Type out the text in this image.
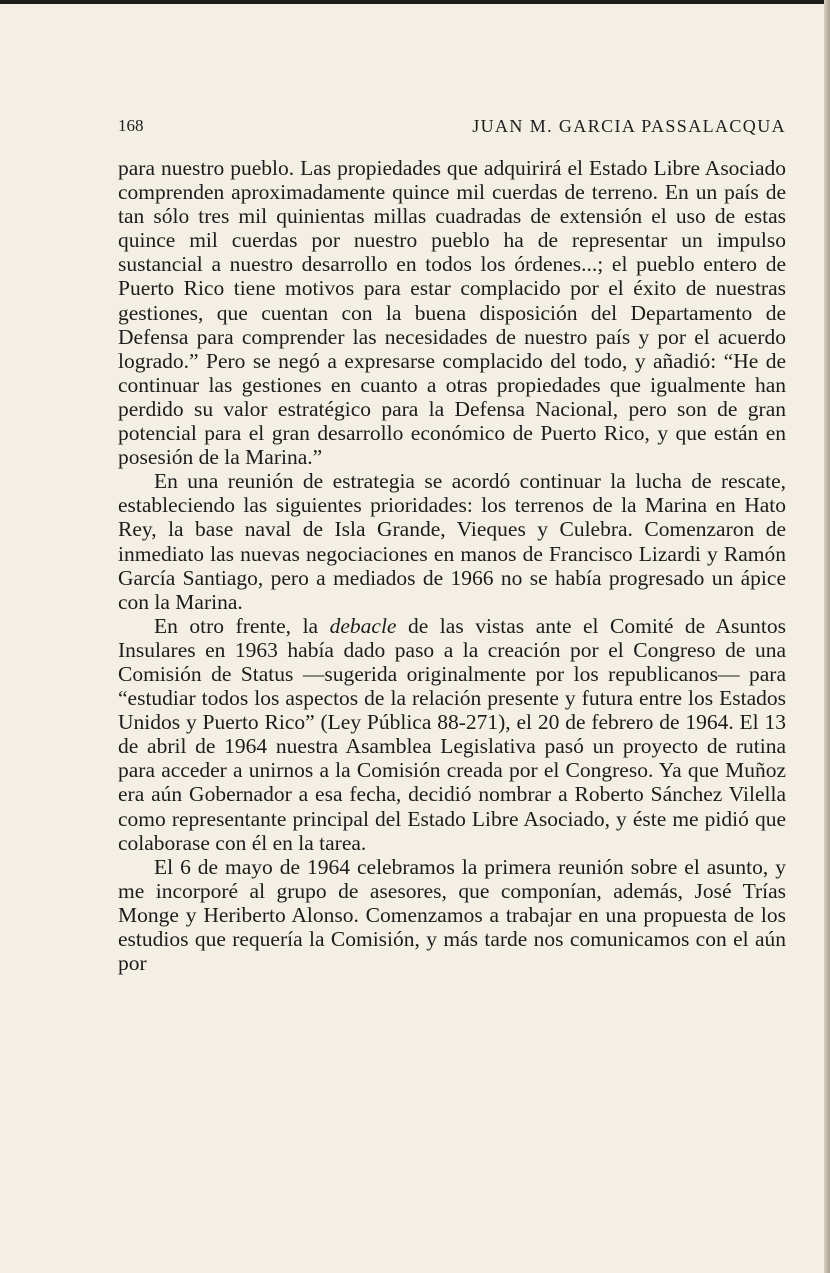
168	JUAN M. GARCIA PASSALACQUA

para nuestro pueblo. Las propiedades que adquirirá el Estado Libre Asociado comprenden aproximadamente quince mil cuerdas de terreno. En un país de tan sólo tres mil quinientas millas cuadradas de extensión el uso de estas quince mil cuerdas por nuestro pueblo ha de representar un impulso sustancial a nuestro desarrollo en todos los órdenes...; el pueblo entero de Puerto Rico tiene motivos para estar complacido por el éxito de nuestras gestiones, que cuentan con la buena disposición del Departamento de Defensa para comprender las necesidades de nuestro país y por el acuerdo logrado.” Pero se negó a expresarse complacido del todo, y añadió: “He de continuar las gestiones en cuanto a otras propiedades que igualmente han perdido su valor estratégico para la Defensa Nacional, pero son de gran potencial para el gran desarrollo económico de Puerto Rico, y que están en posesión de la Marina.”

En una reunión de estrategia se acordó continuar la lucha de rescate, estableciendo las siguientes prioridades: los terrenos de la Marina en Hato Rey, la base naval de Isla Grande, Vieques y Culebra. Comenzaron de inmediato las nuevas negociaciones en manos de Francisco Lizardi y Ramón García Santiago, pero a mediados de 1966 no se había progresado un ápice con la Marina.

En otro frente, la debacle de las vistas ante el Comité de Asuntos Insulares en 1963 había dado paso a la creación por el Congreso de una Comisión de Status —sugerida originalmente por los republicanos— para “estudiar todos los aspectos de la relación presente y futura entre los Estados Unidos y Puerto Rico” (Ley Pública 88-271), el 20 de febrero de 1964. El 13 de abril de 1964 nuestra Asamblea Legislativa pasó un proyecto de rutina para acceder a unirnos a la Comisión creada por el Congreso. Ya que Muñoz era aún Gobernador a esa fecha, decidió nombrar a Roberto Sánchez Vilella como representante principal del Estado Libre Asociado, y éste me pidió que colaborase con él en la tarea.

El 6 de mayo de 1964 celebramos la primera reunión sobre el asunto, y me incorporé al grupo de asesores, que componían, además, José Trías Monge y Heriberto Alonso. Comenzamos a trabajar en una propuesta de los estudios que requería la Comisión, y más tarde nos comunicamos con el aún por
